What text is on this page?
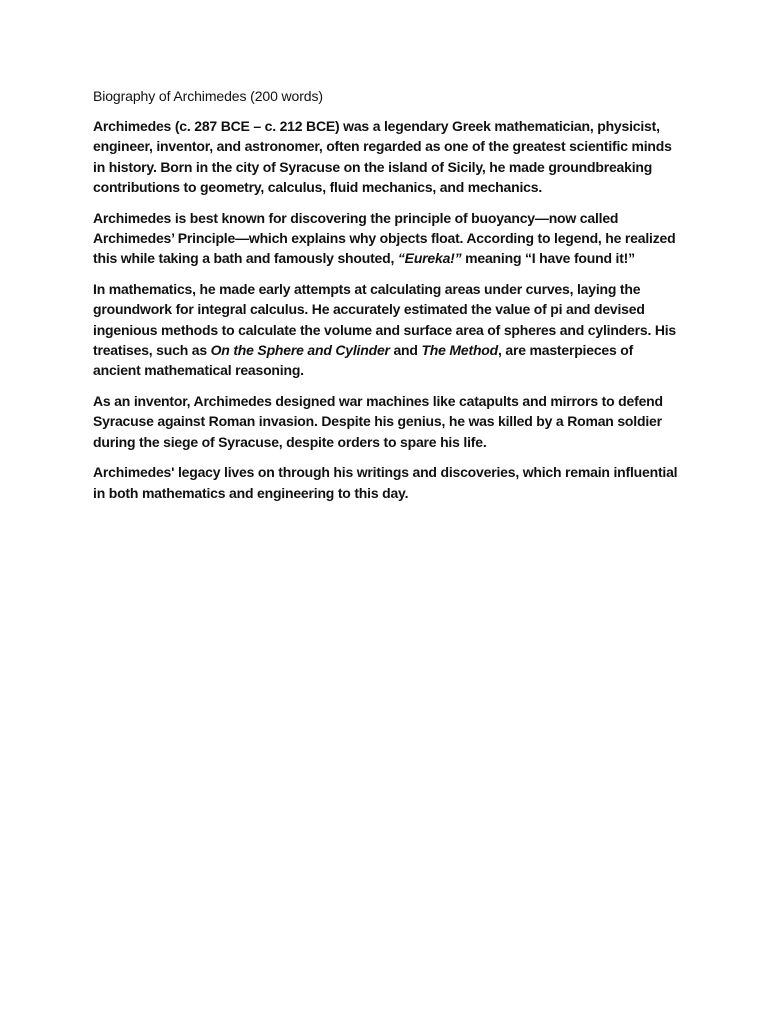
Biography of Archimedes (200 words)

Archimedes (c. 287 BCE – c. 212 BCE) was a legendary Greek mathematician, physicist, engineer, inventor, and astronomer, often regarded as one of the greatest scientific minds in history. Born in the city of Syracuse on the island of Sicily, he made groundbreaking contributions to geometry, calculus, fluid mechanics, and mechanics.

Archimedes is best known for discovering the principle of buoyancy—now called Archimedes’ Principle—which explains why objects float. According to legend, he realized this while taking a bath and famously shouted, “Eureka!” meaning “I have found it!”

In mathematics, he made early attempts at calculating areas under curves, laying the groundwork for integral calculus. He accurately estimated the value of pi and devised ingenious methods to calculate the volume and surface area of spheres and cylinders. His treatises, such as On the Sphere and Cylinder and The Method, are masterpieces of ancient mathematical reasoning.

As an inventor, Archimedes designed war machines like catapults and mirrors to defend Syracuse against Roman invasion. Despite his genius, he was killed by a Roman soldier during the siege of Syracuse, despite orders to spare his life.

Archimedes' legacy lives on through his writings and discoveries, which remain influential in both mathematics and engineering to this day.
